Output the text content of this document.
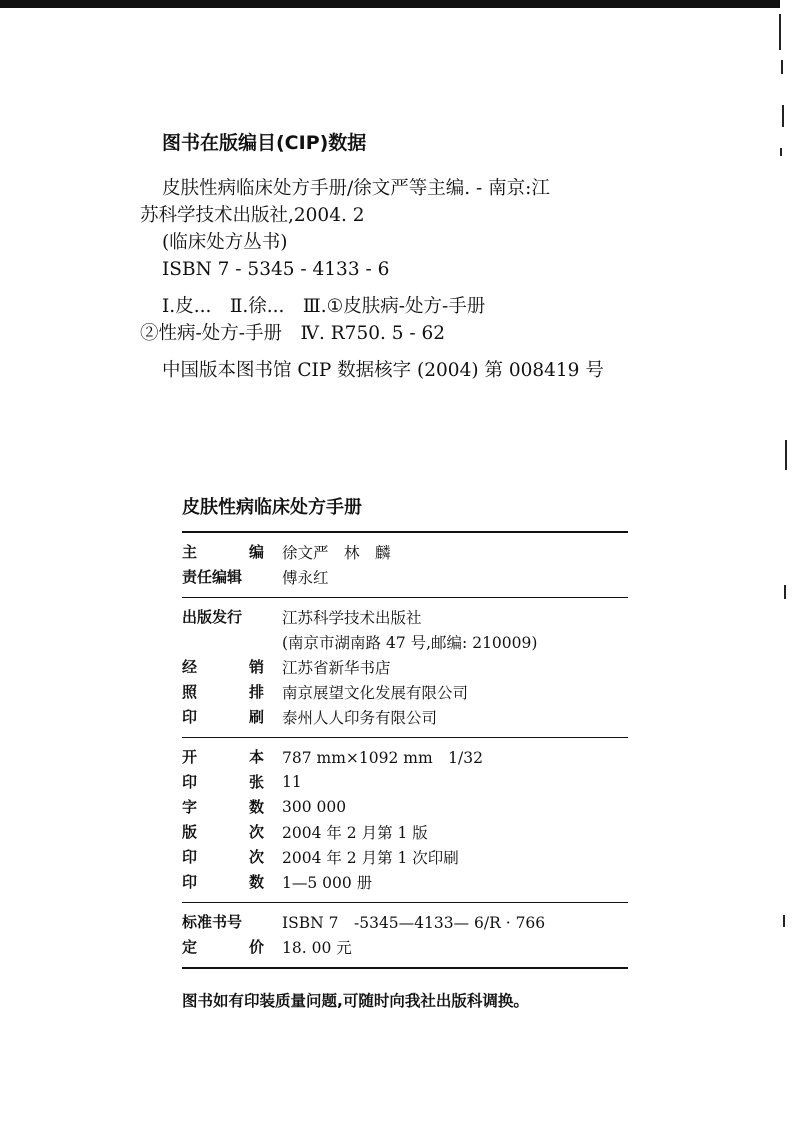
图书在版编目(CIP)数据

皮肤性病临床处方手册/徐文严等主编. - 南京:江

苏科学技术出版社,2004. 2

(临床处方丛书)

ISBN 7 - 5345 - 4133 - 6

Ⅰ.皮...　Ⅱ.徐...　Ⅲ.①皮肤病-处方-手册

②性病-处方-手册　Ⅳ. R750. 5 - 62

中国版本图书馆 CIP 数据核字 (2004) 第 008419 号

皮肤性病临床处方手册
主	编 徐文严　林　麟
责任编辑	傅永红
出版发行	江苏科学技术出版社
(南京市湖南路 47 号,邮编: 210009)
经	销 江苏省新华书店
照	排 南京展望文化发展有限公司
印	刷 泰州人人印务有限公司
开	本 787 mm×1092 mm　1/32
印	张 11
字	数 300 000
版	次 2004 年 2 月第 1 版
印	次 2004 年 2 月第 1 次印刷
印	数 1—5 000 册
标准书号	ISBN 7　-5345—4133— 6/R · 766
定	价 18. 00 元
图书如有印装质量问题,可随时向我社出版科调换。
